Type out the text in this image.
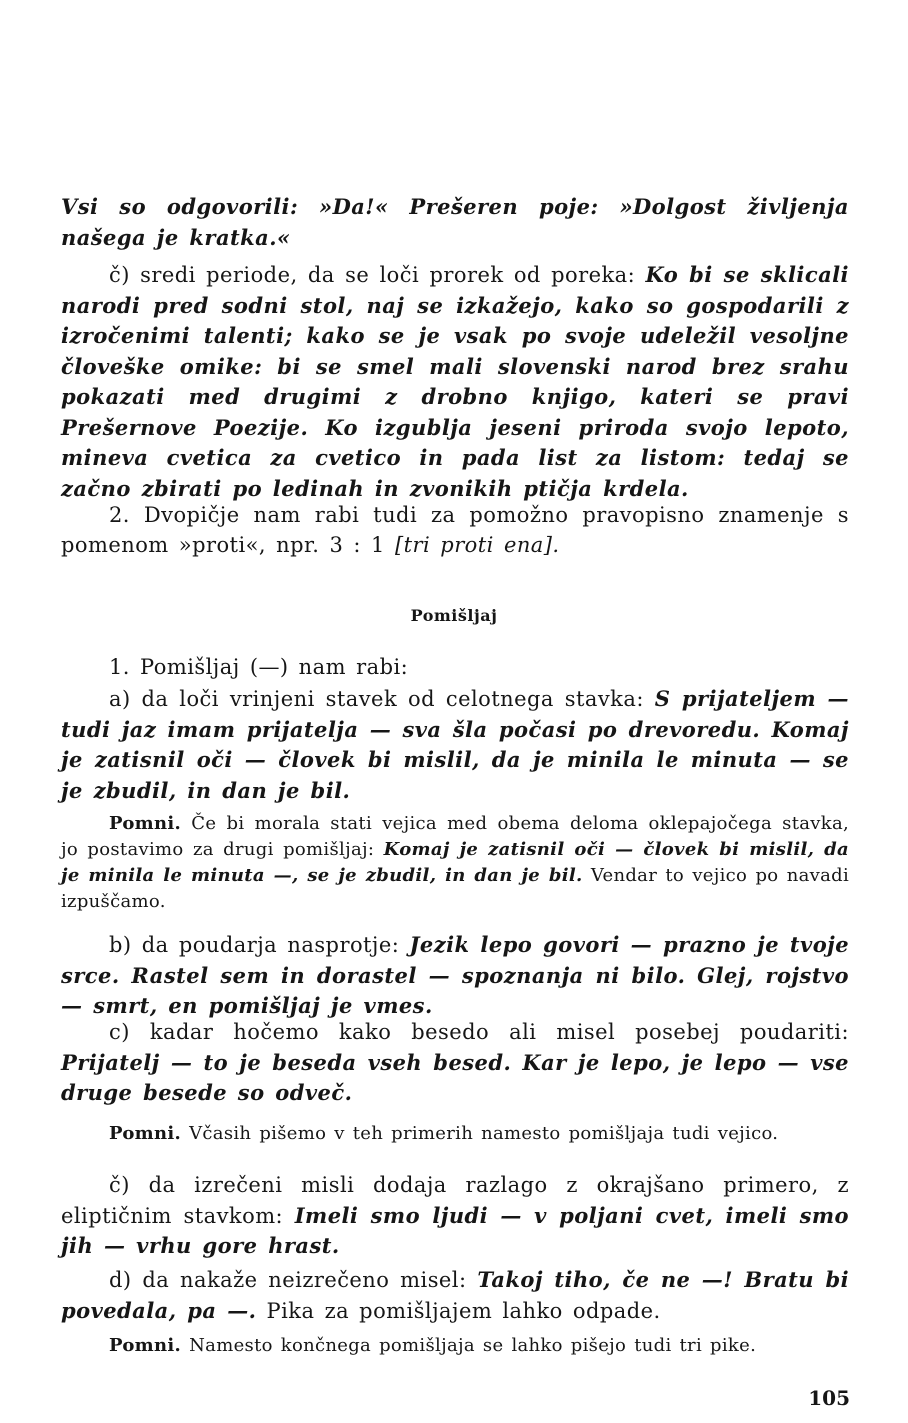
Vsi so odgovorili: »Da!« Prešeren poje: »Dolgost življenja našega je kratka.«

č) sredi periode, da se loči prorek od poreka: Ko bi se sklicali narodi pred sodni stol, naj se izkažejo, kako so gospodarili z izročenimi talenti; kako se je vsak po svoje udeležil vesoljne človeške omike: bi se smel mali slovenski narod brez srahu pokazati med drugimi z drobno knjigo, kateri se pravi Prešernove Poezije. Ko izgublja jeseni priroda svojo lepoto, mineva cvetica za cvetico in pada list za listom: tedaj se začno zbirati po ledinah in zvonikih ptičja krdela.

2. Dvopičje nam rabi tudi za pomožno pravopisno znamenje s pomenom »proti«, npr. 3 : 1 [tri proti ena].

Pomišljaj

1. Pomišljaj (—) nam rabi:

a) da loči vrinjeni stavek od celotnega stavka: S prijateljem — tudi jaz imam prijatelja — sva šla počasi po drevoredu. Komaj je zatisnil oči — človek bi mislil, da je minila le minuta — se je zbudil, in dan je bil.

Pomni. Če bi morala stati vejica med obema deloma oklepajočega stavka, jo postavimo za drugi pomišljaj: Komaj je zatisnil oči — človek bi mislil, da je minila le minuta —, se je zbudil, in dan je bil. Vendar to vejico po navadi izpuščamo.

b) da poudarja nasprotje: Jezik lepo govori — prazno je tvoje srce. Rastel sem in dorastel — spoznanja ni bilo. Glej, rojstvo — smrt, en pomišljaj je vmes.

c) kadar hočemo kako besedo ali misel posebej poudariti: Prijatelj — to je beseda vseh besed. Kar je lepo, je lepo — vse druge besede so odveč.

Pomni. Včasih pišemo v teh primerih namesto pomišljaja tudi vejico.

č) da izrečeni misli dodaja razlago z okrajšano primero, z eliptičnim stavkom: Imeli smo ljudi — v poljani cvet, imeli smo jih — vrhu gore hrast.

d) da nakaže neizrečeno misel: Takoj tiho, če ne —! Bratu bi povedala, pa —. Pika za pomišljajem lahko odpade.

Pomni. Namesto končnega pomišljaja se lahko pišejo tudi tri pike.

105
